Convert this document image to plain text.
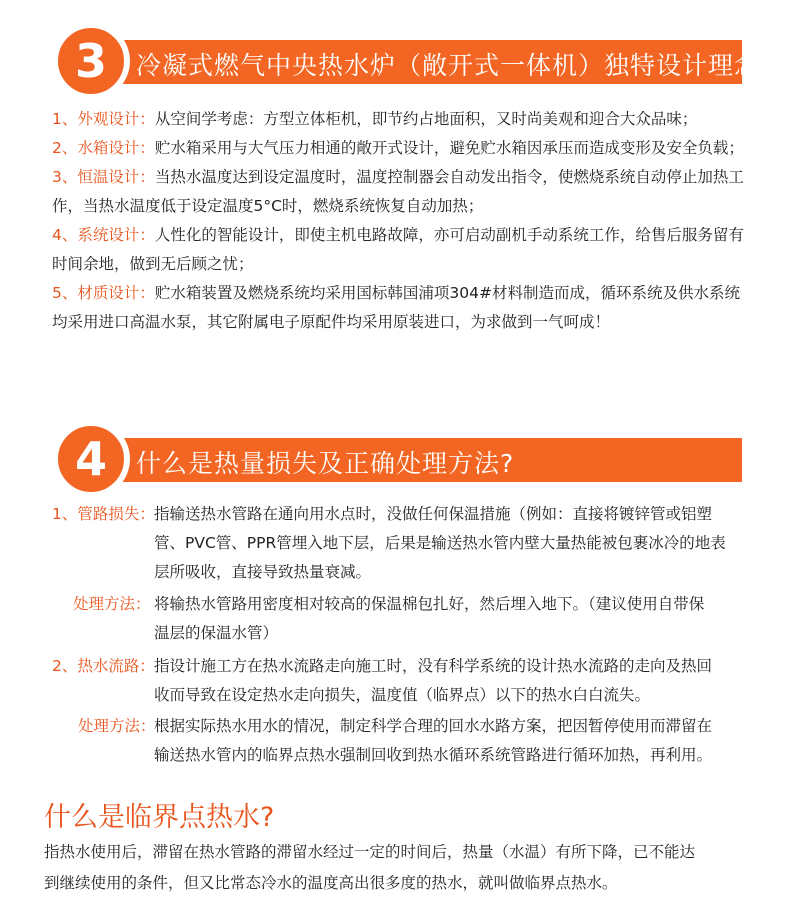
冷凝式燃气中央热水炉（敞开式一体机）独特设计理念
3

1、外观设计：从空间学考虑：方型立体柜机，即节约占地面积，又时尚美观和迎合大众品味；

2、水箱设计：贮水箱采用与大气压力相通的敞开式设计，避免贮水箱因承压而造成变形及安全负载；

3、恒温设计：当热水温度达到设定温度时，温度控制器会自动发出指令，使燃烧系统自动停止加热工作，当热水温度低于设定温度5°C时，燃烧系统恢复自动加热；

4、系统设计：人性化的智能设计，即使主机电路故障，亦可启动副机手动系统工作，给售后服务留有时间余地，做到无后顾之忧；

5、材质设计：贮水箱装置及燃烧系统均采用国标韩国浦项304#材料制造而成，循环系统及供水系统均采用进口高温水泵，其它附属电子原配件均采用原装进口，为求做到一气呵成！

什么是热量损失及正确处理方法?
4
1、管路损失： 指输送热水管路在通向用水点时，没做任何保温措施（例如：直接将镀锌管或铝塑
管、PVC管、PPR管埋入地下层，后果是输送热水管内壁大量热能被包裹冰冷的地表
层所吸收，直接导致热量衰减。
处理方法： 将输热水管路用密度相对较高的保温棉包扎好，然后埋入地下。（建议使用自带保
温层的保温水管）
2、热水流路： 指设计施工方在热水流路走向施工时，没有科学系统的设计热水流路的走向及热回
收而导致在设定热水走向损失，温度值（临界点）以下的热水白白流失。
处理方法：
根据实际热水用水的情况，制定科学合理的回水水路方案，把因暂停使用而滞留在
输送热水管内的临界点热水强制回收到热水循环系统管路进行循环加热，再利用。
什么是临界点热水?

指热水使用后，滞留在热水管路的滞留水经过一定的时间后，热量（水温）有所下降，已不能达

到继续使用的条件，但又比常态冷水的温度高出很多度的热水，就叫做临界点热水。
